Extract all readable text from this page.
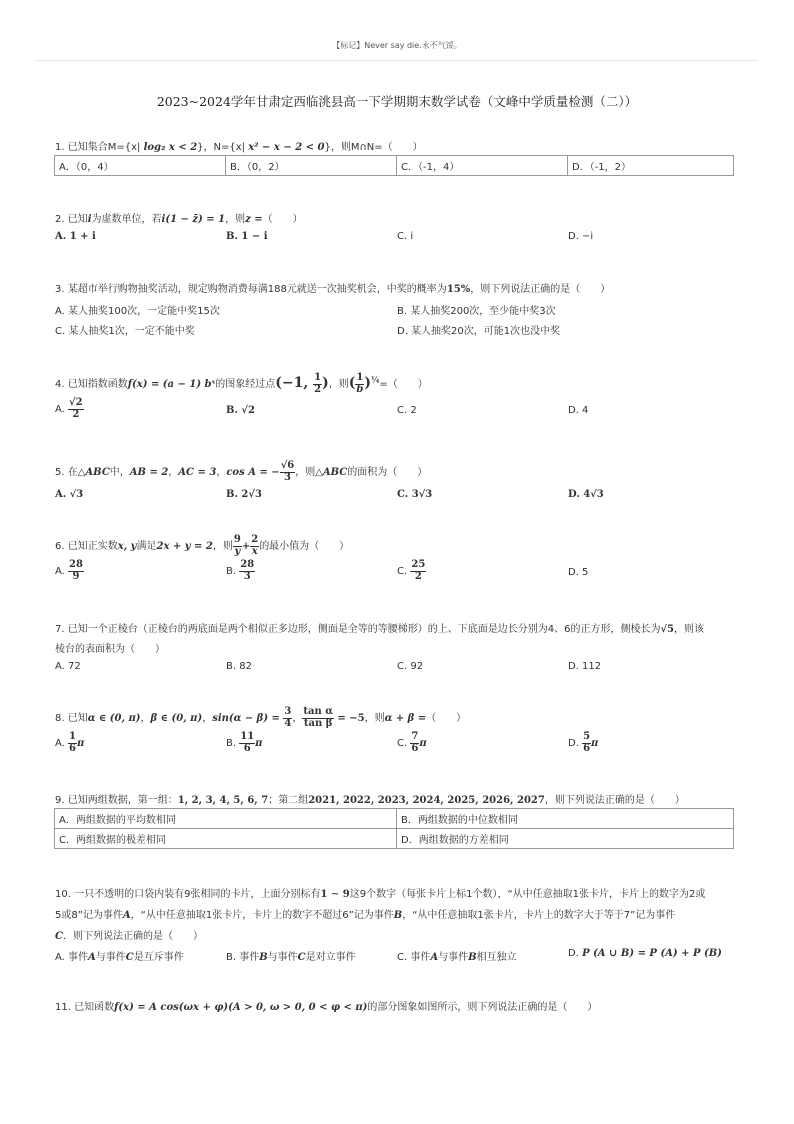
【标记】Never say die.永不气馁。
2023~2024学年甘肃定西临洮县高一下学期期末数学试卷（文峰中学质量检测（二））
1. 已知集合M={x| log₂ x < 2}，N={x| x² − x − 2 < 0}，则M∩N=（　　）
A．（0，4）	B．（0，2）	C．（-1，4）	D．（-1，2）
2. 已知i为虚数单位，若i(1 − z̄) = 1，则z =（　　）
A. 1 + i	B. 1 − i	C. i	D. −i
3. 某超市举行购物抽奖活动，规定购物消费每满188元就送一次抽奖机会，中奖的概率为15%，则下列说法正确的是（　　）
A. 某人抽奖100次，一定能中奖15次	B. 某人抽奖200次，至少能中奖3次
C. 某人抽奖1次，一定不能中奖	D. 某人抽奖20次，可能1次也没中奖
4. 已知指数函数f(x) = (a − 1) bˣ的图象经过点(−1, $\frac{1}{2}$ )，则( $\frac{1}{b} )^{\frac{1}{4}}=$（　　）
A. $\frac{√2}{2}$	B. √2	C. 2	D. 4
5. 在△ABC中，AB = 2，AC = 3，cos A = − $\frac{√6}{3}$ ，则△ABC的面积为（　　）
A. √3	B. 2√3	C. 3√3	D. 4√3
6. 已知正实数x, y满足2x + y = 2，则 $\frac{9}{y} + \frac{2}{x}$ 的最小值为（　　）
A. $\frac{28}{9}$	B. $\frac{28}{3}$	C. $\frac{25}{2}$	D. 5
7. 已知一个正棱台（正棱台的两底面是两个相似正多边形，侧面是全等的等腰梯形）的上、下底面是边长分别为4、6的正方形，侧棱长为√5，则该
棱台的表面积为（　　）
A. 72	B. 82	C. 92	D. 112
8. 已知α ∈ (0, π)，β ∈ (0, π)，$\sin(\alpha - \beta) = \frac{3}{4}$ ， $\frac{\text{tan α}}{\text{tan β}} = -5$，则α + β =（　　）
A. $\frac{1}{6}$ π	B. $\frac{11}{6}$ π	C. $\frac{7}{6}$ π	D. $\frac{5}{6}$ π
9. 已知两组数据，第一组：1, 2, 3, 4, 5, 6, 7；第二组2021, 2022, 2023, 2024, 2025, 2026, 2027，则下列说法正确的是（　　）
A．两组数据的平均数相同	B．两组数据的中位数相同
C．两组数据的极差相同	D．两组数据的方差相同
10. 一只不透明的口袋内装有9张相同的卡片，上面分别标有1 ∼ 9这9个数字（每张卡片上标1个数），“从中任意抽取1张卡片，卡片上的数字为2或
5或8”记为事件A，“从中任意抽取1张卡片，卡片上的数字不超过6”记为事件B，“从中任意抽取1张卡片，卡片上的数字大于等于7”记为事件
C．则下列说法正确的是（　　）
A. 事件A与事件C是互斥事件	B. 事件B与事件C是对立事件	C. 事件A与事件B相互独立	D. P (A ∪ B) = P (A) + P (B)
11. 已知函数f(x) = A cos(ωx + φ)(A > 0, ω > 0, 0 < φ < π)的部分图象如图所示，则下列说法正确的是（　　）
